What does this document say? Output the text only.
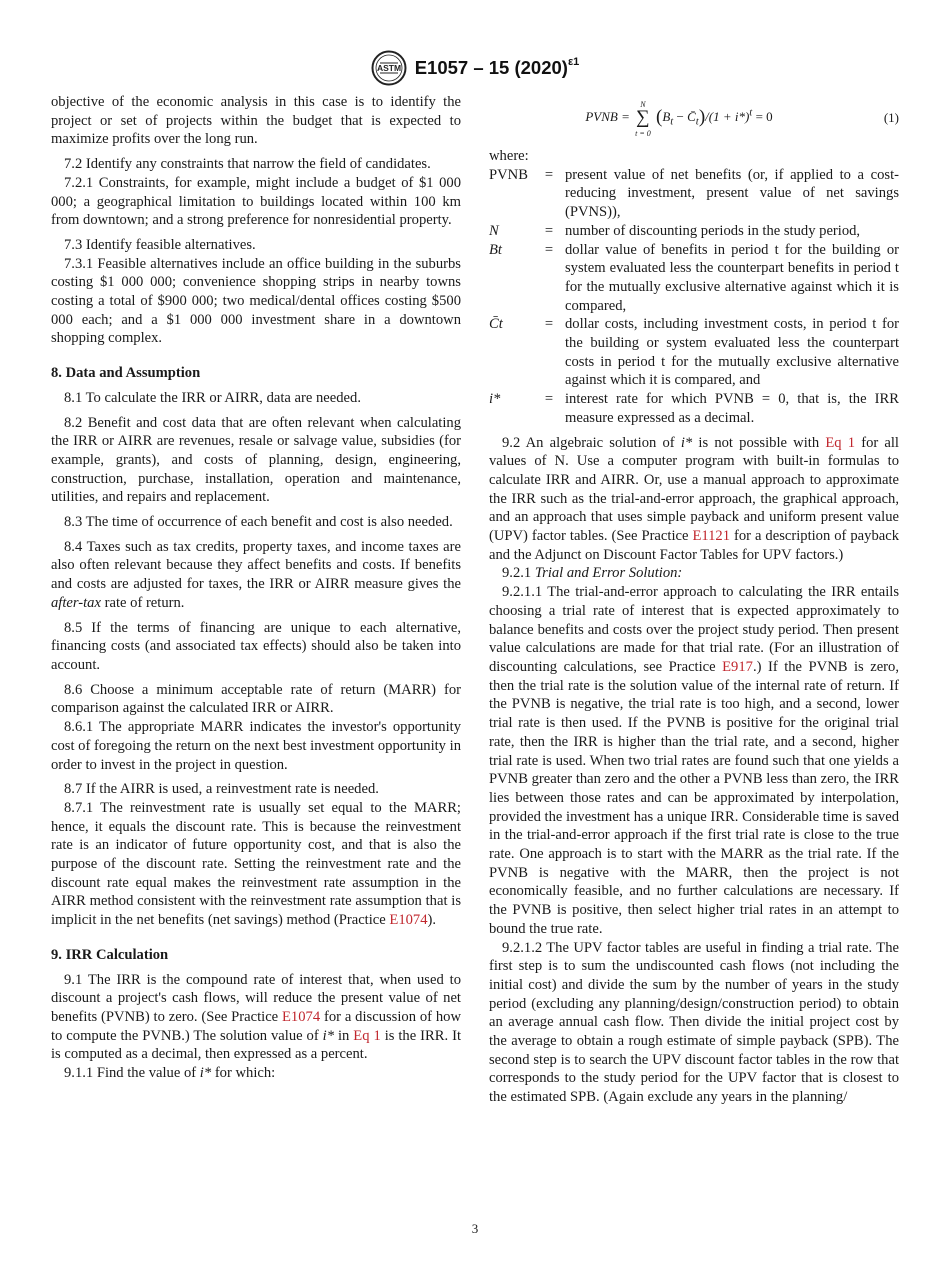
ASTM E1057 – 15 $(2020)^{\varepsilon 1}$

objective of the economic analysis in this case is to identify the project or set of projects within the budget that is expected to maximize profits over the long run.

7.2 Identify any constraints that narrow the field of candidates.

7.2.1 Constraints, for example, might include a budget of $1 000 000; a geographical limitation to buildings located within 100 km from downtown; and a strong preference for nonresidential property.

7.3 Identify feasible alternatives.

7.3.1 Feasible alternatives include an office building in the suburbs costing $1 000 000; convenience shopping strips in nearby towns costing a total of $900 000; two medical/dental offices costing $500 000 each; and a $1 000 000 investment share in a downtown shopping complex.

8. Data and Assumption

8.1 To calculate the IRR or AIRR, data are needed.

8.2 Benefit and cost data that are often relevant when calculating the IRR or AIRR are revenues, resale or salvage value, subsidies (for example, grants), and costs of planning, design, engineering, construction, purchase, installation, operation and maintenance, utilities, and repairs and replacement.

8.3 The time of occurrence of each benefit and cost is also needed.

8.4 Taxes such as tax credits, property taxes, and income taxes are also often relevant because they affect benefits and costs. If benefits and costs are adjusted for taxes, the IRR or AIRR measure gives the after-tax rate of return.

8.5 If the terms of financing are unique to each alternative, financing costs (and associated tax effects) should also be taken into account.

8.6 Choose a minimum acceptable rate of return (MARR) for comparison against the calculated IRR or AIRR.

8.6.1 The appropriate MARR indicates the investor's opportunity cost of foregoing the return on the next best investment opportunity in order to invest in the project in question.

8.7 If the AIRR is used, a reinvestment rate is needed.

8.7.1 The reinvestment rate is usually set equal to the MARR; hence, it equals the discount rate. This is because the reinvestment rate is an indicator of future opportunity cost, and that is also the purpose of the discount rate. Setting the reinvestment rate and the discount rate equal makes the reinvestment rate assumption in the AIRR method consistent with the reinvestment rate assumption that is implicit in the net benefits (net savings) method (Practice E1074).

9. IRR Calculation

9.1 The IRR is the compound rate of interest that, when used to discount a project's cash flows, will reduce the present value of net benefits (PVNB) to zero. (See Practice E1074 for a discussion of how to compute the PVNB.) The solution value of i* in Eq 1 is the IRR. It is computed as a decimal, then expressed as a percent.

9.1.1 Find the value of i* for which:

PVNB = N
∑
t = 0 ($B_t$ − $C̄_t)/(1 + i*)^t = 0$	(1)

where:

PVNB	=	present value of net benefits (or, if applied to a cost-reducing investment, present value of net savings (PVNS)),
N	=	number of discounting periods in the study period,
Bt	=	dollar value of benefits in period t for the building or system evaluated less the counterpart benefits in period t for the mutually exclusive alternative against which it is compared,
C̄t	=	dollar costs, including investment costs, in period t for the building or system evaluated less the counterpart costs in period t for the mutually exclusive alternative against which it is compared, and
i*	=	interest rate for which PVNB = 0, that is, the IRR measure expressed as a decimal.

9.2 An algebraic solution of i* is not possible with Eq 1 for all values of N. Use a computer program with built-in formulas to calculate IRR and AIRR. Or, use a manual approach to approximate the IRR such as the trial-and-error approach, the graphical approach, and an approach that uses simple payback and uniform present value (UPV) factor tables. (See Practice E1121 for a description of payback and the Adjunct on Discount Factor Tables for UPV factors.)

9.2.1 Trial and Error Solution:

9.2.1.1 The trial-and-error approach to calculating the IRR entails choosing a trial rate of interest that is expected approximately to balance benefits and costs over the project study period. Then present value calculations are made for that trial rate. (For an illustration of discounting calculations, see Practice E917.) If the PVNB is zero, then the trial rate is the solution value of the internal rate of return. If the PVNB is negative, the trial rate is too high, and a second, lower trial rate is then used. If the PVNB is positive for the original trial rate, then the IRR is higher than the trial rate, and a second, higher trial rate is used. When two trial rates are found such that one yields a PVNB greater than zero and the other a PVNB less than zero, the IRR lies between those rates and can be approximated by interpolation, provided the investment has a unique IRR. Considerable time is saved in the trial-and-error approach if the first trial rate is close to the true rate. One approach is to start with the MARR as the trial rate. If the PVNB is negative with the MARR, then the project is not economically feasible, and no further calculations are necessary. If the PVNB is positive, then select higher trial rates in an attempt to bound the true rate.

9.2.1.2 The UPV factor tables are useful in finding a trial rate. The first step is to sum the undiscounted cash flows (not including the initial cost) and divide the sum by the number of years in the study period (excluding any planning/design/construction period) to obtain an average annual cash flow. Then divide the initial project cost by the average to obtain a rough estimate of simple payback (SPB). The second step is to search the UPV discount factor tables in the row that corresponds to the study period for the UPV factor that is closest to the estimated SPB. (Again exclude any years in the planning/

3
